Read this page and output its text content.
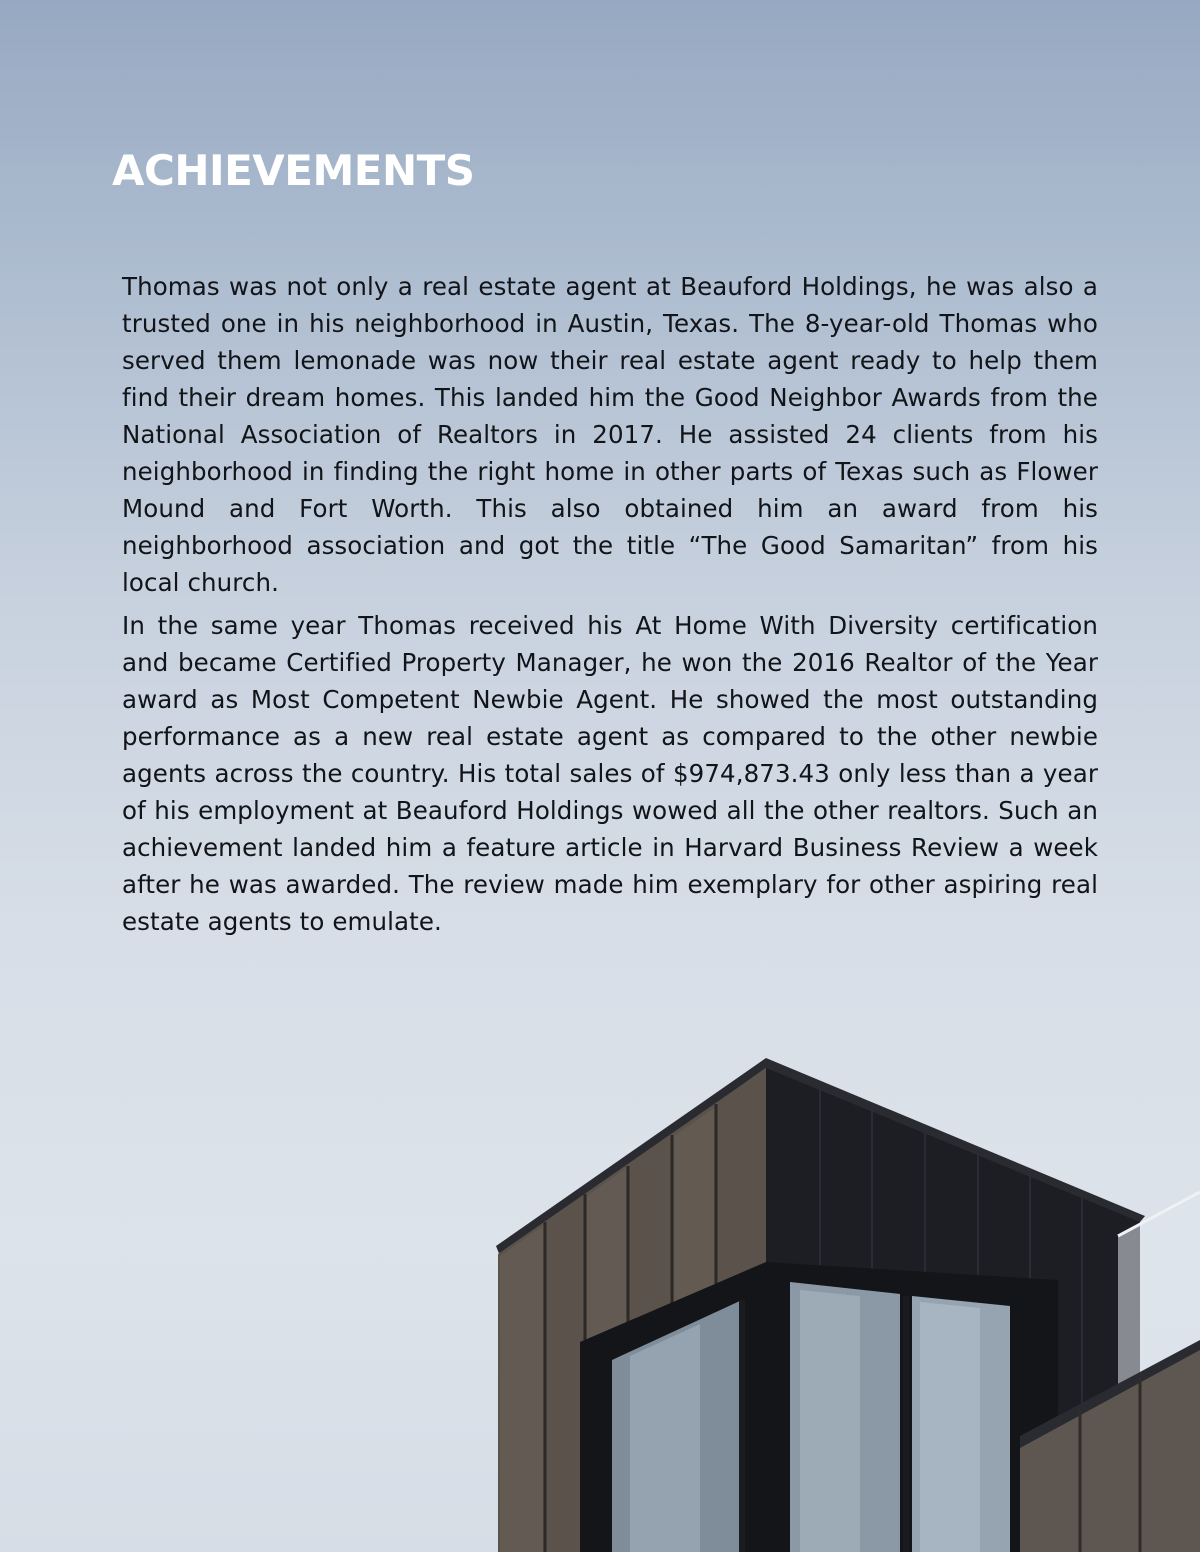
ACHIEVEMENTS

Thomas was not only a real estate agent at Beauford Holdings, he was also a trusted one in his neighborhood in Austin, Texas. The 8-year-old Thomas who served them lemonade was now their real estate agent ready to help them find their dream homes. This landed him the Good Neighbor Awards from the National Association of Realtors in 2017. He assisted 24 clients from his neighborhood in finding the right home in other parts of Texas such as Flower Mound and Fort Worth. This also obtained him an award from his neighborhood association and got the title “The Good Samaritan” from his local church.

In the same year Thomas received his At Home With Diversity certification and became Certified Property Manager, he won the 2016 Realtor of the Year award as Most Competent Newbie Agent. He showed the most outstanding performance as a new real estate agent as compared to the other newbie agents across the country. His total sales of $974,873.43 only less than a year of his employment at Beauford Holdings wowed all the other realtors. Such an achievement landed him a feature article in Harvard Business Review a week after he was awarded. The review made him exemplary for other aspiring real estate agents to emulate.
